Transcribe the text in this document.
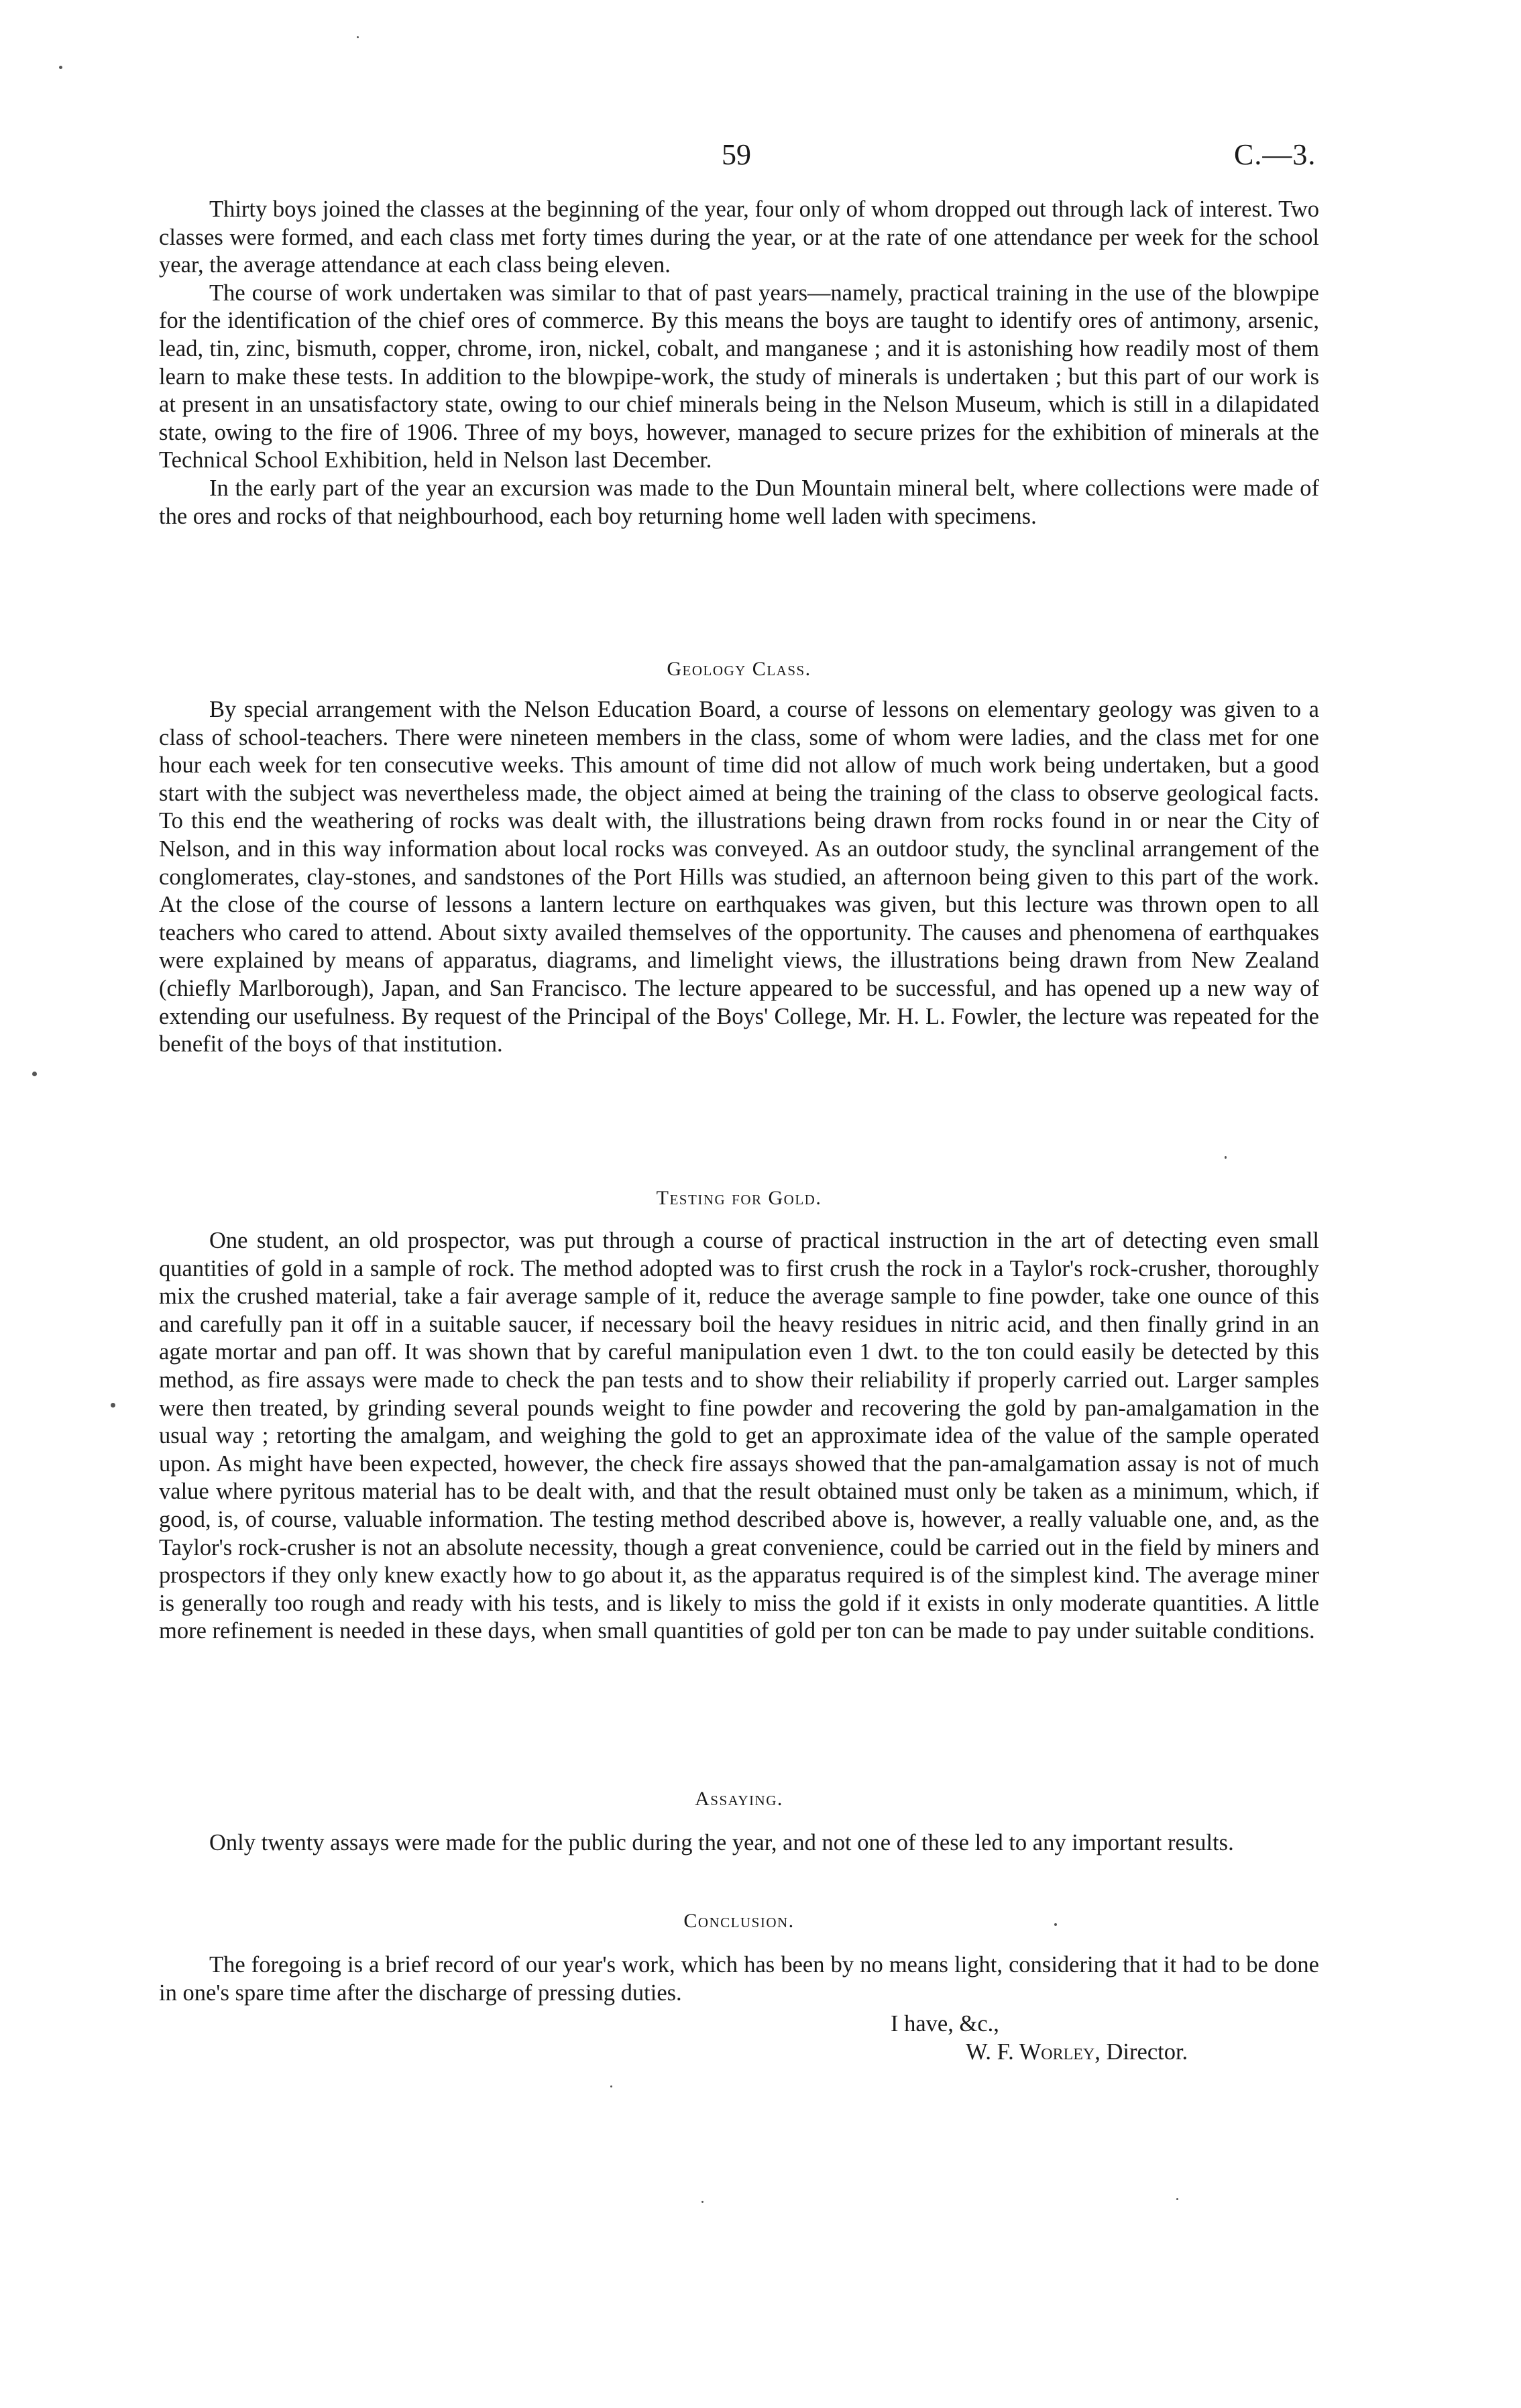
59	C.—3.

Thirty boys joined the classes at the beginning of the year, four only of whom dropped out through lack of interest. Two classes were formed, and each class met forty times during the year, or at the rate of one attendance per week for the school year, the average attendance at each class being eleven.

The course of work undertaken was similar to that of past years—namely, practical training in the use of the blowpipe for the identification of the chief ores of commerce. By this means the boys are taught to identify ores of antimony, arsenic, lead, tin, zinc, bismuth, copper, chrome, iron, nickel, cobalt, and manganese ; and it is astonishing how readily most of them learn to make these tests. In addition to the blowpipe-work, the study of minerals is undertaken ; but this part of our work is at present in an unsatisfactory state, owing to our chief minerals being in the Nelson Museum, which is still in a dilapidated state, owing to the fire of 1906. Three of my boys, however, managed to secure prizes for the exhibition of minerals at the Technical School Exhibition, held in Nelson last December.

In the early part of the year an excursion was made to the Dun Mountain mineral belt, where collections were made of the ores and rocks of that neighbourhood, each boy returning home well laden with specimens.

Geology Class.

By special arrangement with the Nelson Education Board, a course of lessons on elementary geology was given to a class of school-teachers. There were nineteen members in the class, some of whom were ladies, and the class met for one hour each week for ten consecutive weeks. This amount of time did not allow of much work being undertaken, but a good start with the subject was nevertheless made, the object aimed at being the training of the class to observe geological facts. To this end the weathering of rocks was dealt with, the illustrations being drawn from rocks found in or near the City of Nelson, and in this way information about local rocks was conveyed. As an outdoor study, the synclinal arrangement of the conglomerates, clay-stones, and sandstones of the Port Hills was studied, an afternoon being given to this part of the work. At the close of the course of lessons a lantern lecture on earthquakes was given, but this lecture was thrown open to all teachers who cared to attend. About sixty availed themselves of the opportunity. The causes and phenomena of earthquakes were explained by means of apparatus, diagrams, and limelight views, the illustrations being drawn from New Zealand (chiefly Marlborough), Japan, and San Francisco. The lecture appeared to be successful, and has opened up a new way of extending our usefulness. By request of the Principal of the Boys' College, Mr. H. L. Fowler, the lecture was repeated for the benefit of the boys of that institution.

Testing for Gold.

One student, an old prospector, was put through a course of practical instruction in the art of detecting even small quantities of gold in a sample of rock. The method adopted was to first crush the rock in a Taylor's rock-crusher, thoroughly mix the crushed material, take a fair average sample of it, reduce the average sample to fine powder, take one ounce of this and carefully pan it off in a suitable saucer, if necessary boil the heavy residues in nitric acid, and then finally grind in an agate mortar and pan off. It was shown that by careful manipulation even 1 dwt. to the ton could easily be detected by this method, as fire assays were made to check the pan tests and to show their reliability if properly carried out. Larger samples were then treated, by grinding several pounds weight to fine powder and recovering the gold by pan-amalgamation in the usual way ; retorting the amalgam, and weighing the gold to get an approximate idea of the value of the sample operated upon. As might have been expected, however, the check fire assays showed that the pan-amalgamation assay is not of much value where pyritous material has to be dealt with, and that the result obtained must only be taken as a minimum, which, if good, is, of course, valuable information. The testing method described above is, however, a really valuable one, and, as the Taylor's rock-crusher is not an absolute necessity, though a great convenience, could be carried out in the field by miners and prospectors if they only knew exactly how to go about it, as the apparatus required is of the simplest kind. The average miner is generally too rough and ready with his tests, and is likely to miss the gold if it exists in only moderate quantities. A little more refinement is needed in these days, when small quantities of gold per ton can be made to pay under suitable conditions.

Assaying.

Only twenty assays were made for the public during the year, and not one of these led to any important results.

Conclusion.

The foregoing is a brief record of our year's work, which has been by no means light, considering that it had to be done in one's spare time after the discharge of pressing duties.

I have, &c.,
W. F. Worley, Director.
